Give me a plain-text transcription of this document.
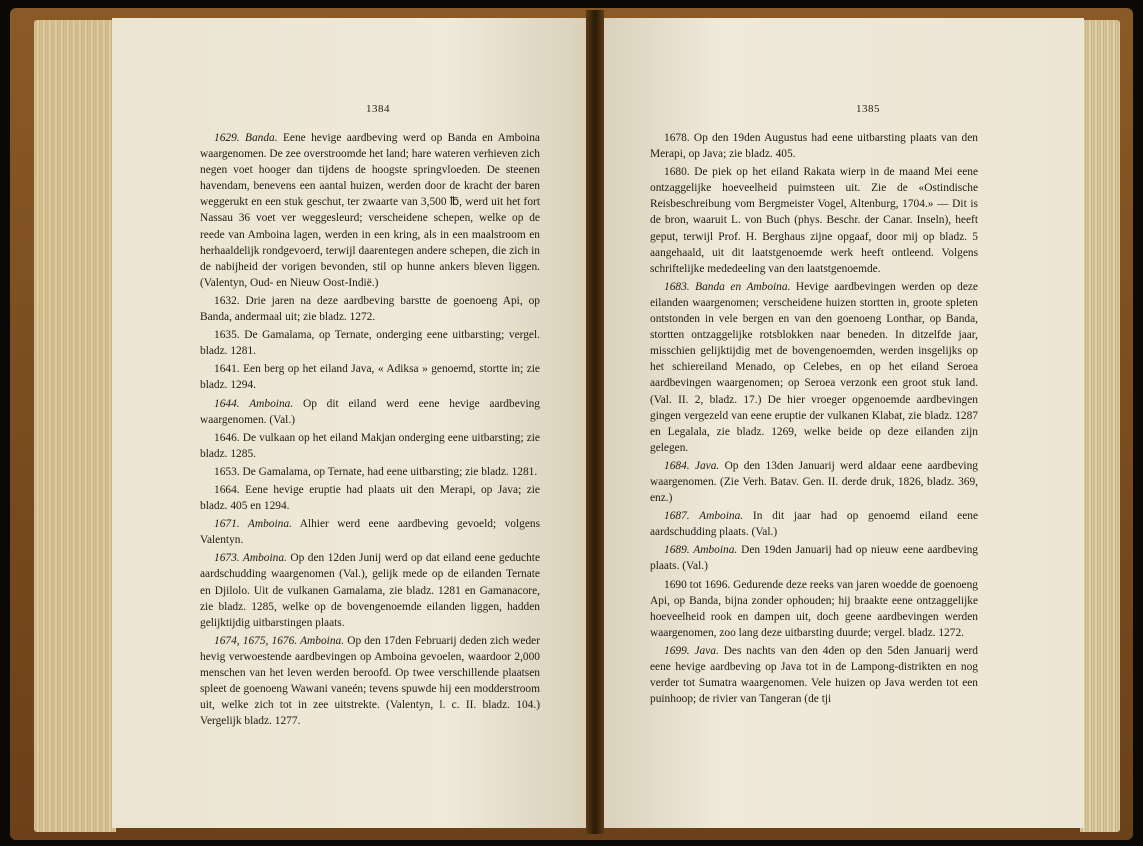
1384	1385

1629. Banda. Eene hevige aardbeving werd op Banda en Amboina waargenomen. De zee overstroomde het land; hare wateren verhieven zich negen voet hooger dan tijdens de hoogste springvloeden. De steenen havendam, benevens een aantal huizen, werden door de kracht der baren weggerukt en een stuk geschut, ter zwaarte van 3,500 ℔, werd uit het fort Nassau 36 voet ver weggesleurd; verscheidene schepen, welke op de reede van Amboina lagen, werden in een kring, als in een maalstroom en herhaaldelijk rondgevoerd, terwijl daarentegen andere schepen, die zich in de nabijheid der vorigen bevonden, stil op hunne ankers bleven liggen. (Valentyn, Oud- en Nieuw Oost-Indië.)

1632. Drie jaren na deze aardbeving barstte de goenoeng Api, op Banda, andermaal uit; zie bladz. 1272.

1635. De Gamalama, op Ternate, onderging eene uitbarsting; vergel. bladz. 1281.

1641. Een berg op het eiland Java, « Adiksa » genoemd, stortte in; zie bladz. 1294.

1644. Amboina. Op dit eiland werd eene hevige aardbeving waargenomen. (Val.)

1646. De vulkaan op het eiland Makjan onderging eene uitbarsting; zie bladz. 1285.

1653. De Gamalama, op Ternate, had eene uitbarsting; zie bladz. 1281.

1664. Eene hevige eruptie had plaats uit den Merapi, op Java; zie bladz. 405 en 1294.

1671. Amboina. Alhier werd eene aardbeving gevoeld; volgens Valentyn.

1673. Amboina. Op den 12den Junij werd op dat eiland eene geduchte aardschudding waargenomen (Val.), gelijk mede op de eilanden Ternate en Djilolo. Uit de vulkanen Gamalama, zie bladz. 1281 en Gamanacore, zie bladz. 1285, welke op de bovengenoemde eilanden liggen, hadden gelijktijdig uitbarstingen plaats.

1674, 1675, 1676. Amboina. Op den 17den Februarij deden zich weder hevig verwoestende aardbevingen op Amboina gevoelen, waardoor 2,000 menschen van het leven werden beroofd. Op twee verschillende plaatsen spleet de goenoeng Wawani vaneén; tevens spuwde hij een modderstroom uit, welke zich tot in zee uitstrekte. (Valentyn, l. c. II. bladz. 104.) Vergelijk bladz. 1277.

1678. Op den 19den Augustus had eene uitbarsting plaats van den Merapi, op Java; zie bladz. 405.

1680. De piek op het eiland Rakata wierp in de maand Mei eene ontzaggelijke hoeveelheid puimsteen uit. Zie de «Ostindische Reisbeschreibung vom Bergmeister Vogel, Altenburg, 1704.» — Dit is de bron, waaruit L. von Buch (phys. Beschr. der Canar. Inseln), heeft geput, terwijl Prof. H. Berghaus zijne opgaaf, door mij op bladz. 5 aangehaald, uit dit laatstgenoemde werk heeft ontleend. Volgens schriftelijke mededeeling van den laatstgenoemde.

1683. Banda en Amboina. Hevige aardbevingen werden op deze eilanden waargenomen; verscheidene huizen stortten in, groote spleten ontstonden in vele bergen en van den goenoeng Lonthar, op Banda, stortten ontzaggelijke rotsblokken naar beneden. In ditzelfde jaar, misschien gelijktijdig met de bovengenoemden, werden insgelijks op het schiereiland Menado, op Celebes, en op het eiland Seroea aardbevingen waargenomen; op Seroea verzonk een groot stuk land. (Val. II. 2, bladz. 17.) De hier vroeger opgenoemde aardbevingen gingen vergezeld van eene eruptie der vulkanen Klabat, zie bladz. 1287 en Legalala, zie bladz. 1269, welke beide op deze eilanden zijn gelegen.

1684. Java. Op den 13den Januarij werd aldaar eene aardbeving waargenomen. (Zie Verh. Batav. Gen. II. derde druk, 1826, bladz. 369, enz.)

1687. Amboina. In dit jaar had op genoemd eiland eene aardschudding plaats. (Val.)

1689. Amboina. Den 19den Januarij had op nieuw eene aardbeving plaats. (Val.)

1690 tot 1696. Gedurende deze reeks van jaren woedde de goenoeng Api, op Banda, bijna zonder ophouden; hij braakte eene ontzaggelijke hoeveelheid rook en dampen uit, doch geene aardbevingen werden waargenomen, zoo lang deze uitbarsting duurde; vergel. bladz. 1272.

1699. Java. Des nachts van den 4den op den 5den Januarij werd eene hevige aardbeving op Java tot in de Lampong-distrikten en nog verder tot Sumatra waargenomen. Vele huizen op Java werden tot een puinhoop; de rivier van Tangeran (de tji
